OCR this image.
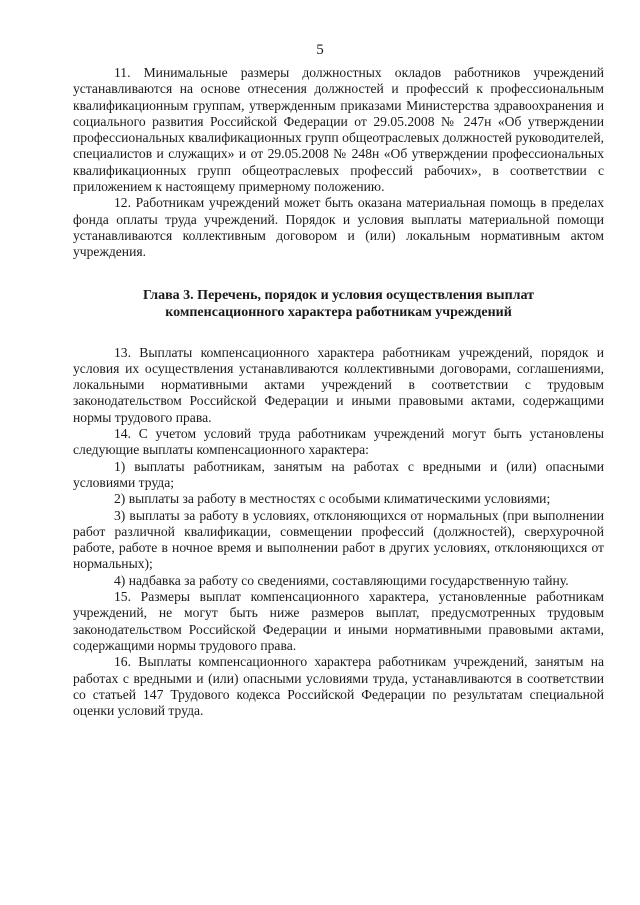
5

11. Минимальные размеры должностных окладов работников учреждений устанавливаются на основе отнесения должностей и профессий к профессиональным квалификационным группам, утвержденным приказами Министерства здравоохранения и социального развития Российской Федерации от 29.05.2008 № 247н «Об утверждении профессиональных квалификационных групп общеотраслевых должностей руководителей, специалистов и служащих» и от 29.05.2008 № 248н «Об утверждении профессиональных квалификационных групп общеотраслевых профессий рабочих», в соответствии с приложением к настоящему примерному положению.

12. Работникам учреждений может быть оказана материальная помощь в пределах фонда оплаты труда учреждений. Порядок и условия выплаты материальной помощи устанавливаются коллективным договором и (или) локальным нормативным актом учреждения.

Глава 3. Перечень, порядок и условия осуществления выплат
компенсационного характера работникам учреждений

13. Выплаты компенсационного характера работникам учреждений, порядок и условия их осуществления устанавливаются коллективными договорами, соглашениями, локальными нормативными актами учреждений в соответствии с трудовым законодательством Российской Федерации и иными правовыми актами, содержащими нормы трудового права.

14. С учетом условий труда работникам учреждений могут быть установлены следующие выплаты компенсационного характера:

1) выплаты работникам, занятым на работах с вредными и (или) опасными условиями труда;

2) выплаты за работу в местностях с особыми климатическими условиями;

3) выплаты за работу в условиях, отклоняющихся от нормальных (при выполнении работ различной квалификации, совмещении профессий (должностей), сверхурочной работе, работе в ночное время и выполнении работ в других условиях, отклоняющихся от нормальных);

4) надбавка за работу со сведениями, составляющими государственную тайну.

15. Размеры выплат компенсационного характера, установленные работникам учреждений, не могут быть ниже размеров выплат, предусмотренных трудовым законодательством Российской Федерации и иными нормативными правовыми актами, содержащими нормы трудового права.

16. Выплаты компенсационного характера работникам учреждений, занятым на работах с вредными и (или) опасными условиями труда, устанавливаются в соответствии со статьей 147 Трудового кодекса Российской Федерации по результатам специальной оценки условий труда.
